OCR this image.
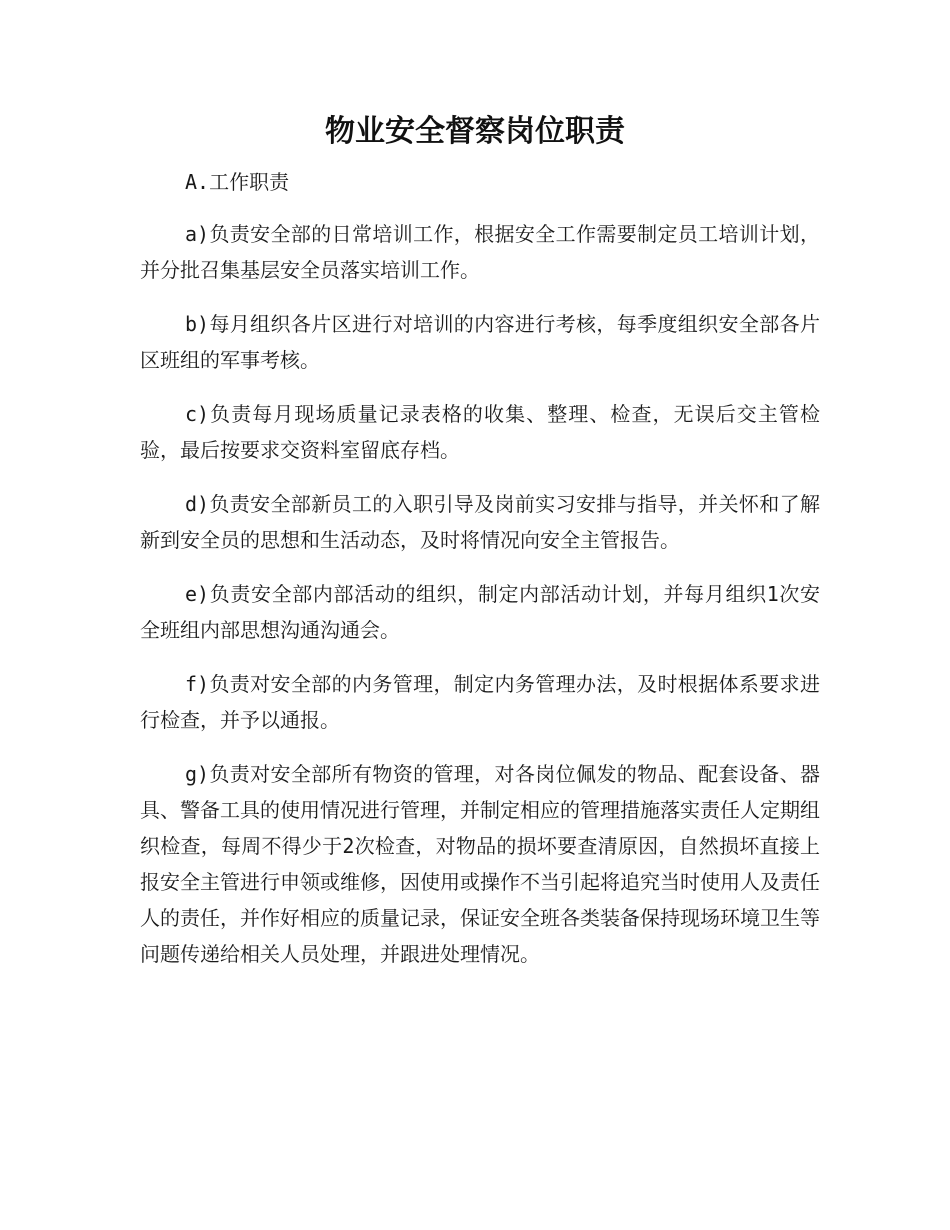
物业安全督察岗位职责

A.工作职责

a)负责安全部的日常培训工作，根据安全工作需要制定员工培训计划，并分批召集基层安全员落实培训工作。

b)每月组织各片区进行对培训的内容进行考核，每季度组织安全部各片区班组的军事考核。

c)负责每月现场质量记录表格的收集、整理、检查，无误后交主管检验，最后按要求交资料室留底存档。

d)负责安全部新员工的入职引导及岗前实习安排与指导，并关怀和了解新到安全员的思想和生活动态，及时将情况向安全主管报告。

e)负责安全部内部活动的组织，制定内部活动计划，并每月组织1次安全班组内部思想沟通沟通会。

f)负责对安全部的内务管理，制定内务管理办法，及时根据体系要求进行检查，并予以通报。

g)负责对安全部所有物资的管理，对各岗位佩发的物品、配套设备、器具、警备工具的使用情况进行管理，并制定相应的管理措施落实责任人定期组织检查，每周不得少于2次检查，对物品的损坏要查清原因，自然损坏直接上报安全主管进行申领或维修，因使用或操作不当引起将追究当时使用人及责任人的责任，并作好相应的质量记录，保证安全班各类装备保持现场环境卫生等问题传递给相关人员处理，并跟进处理情况。
